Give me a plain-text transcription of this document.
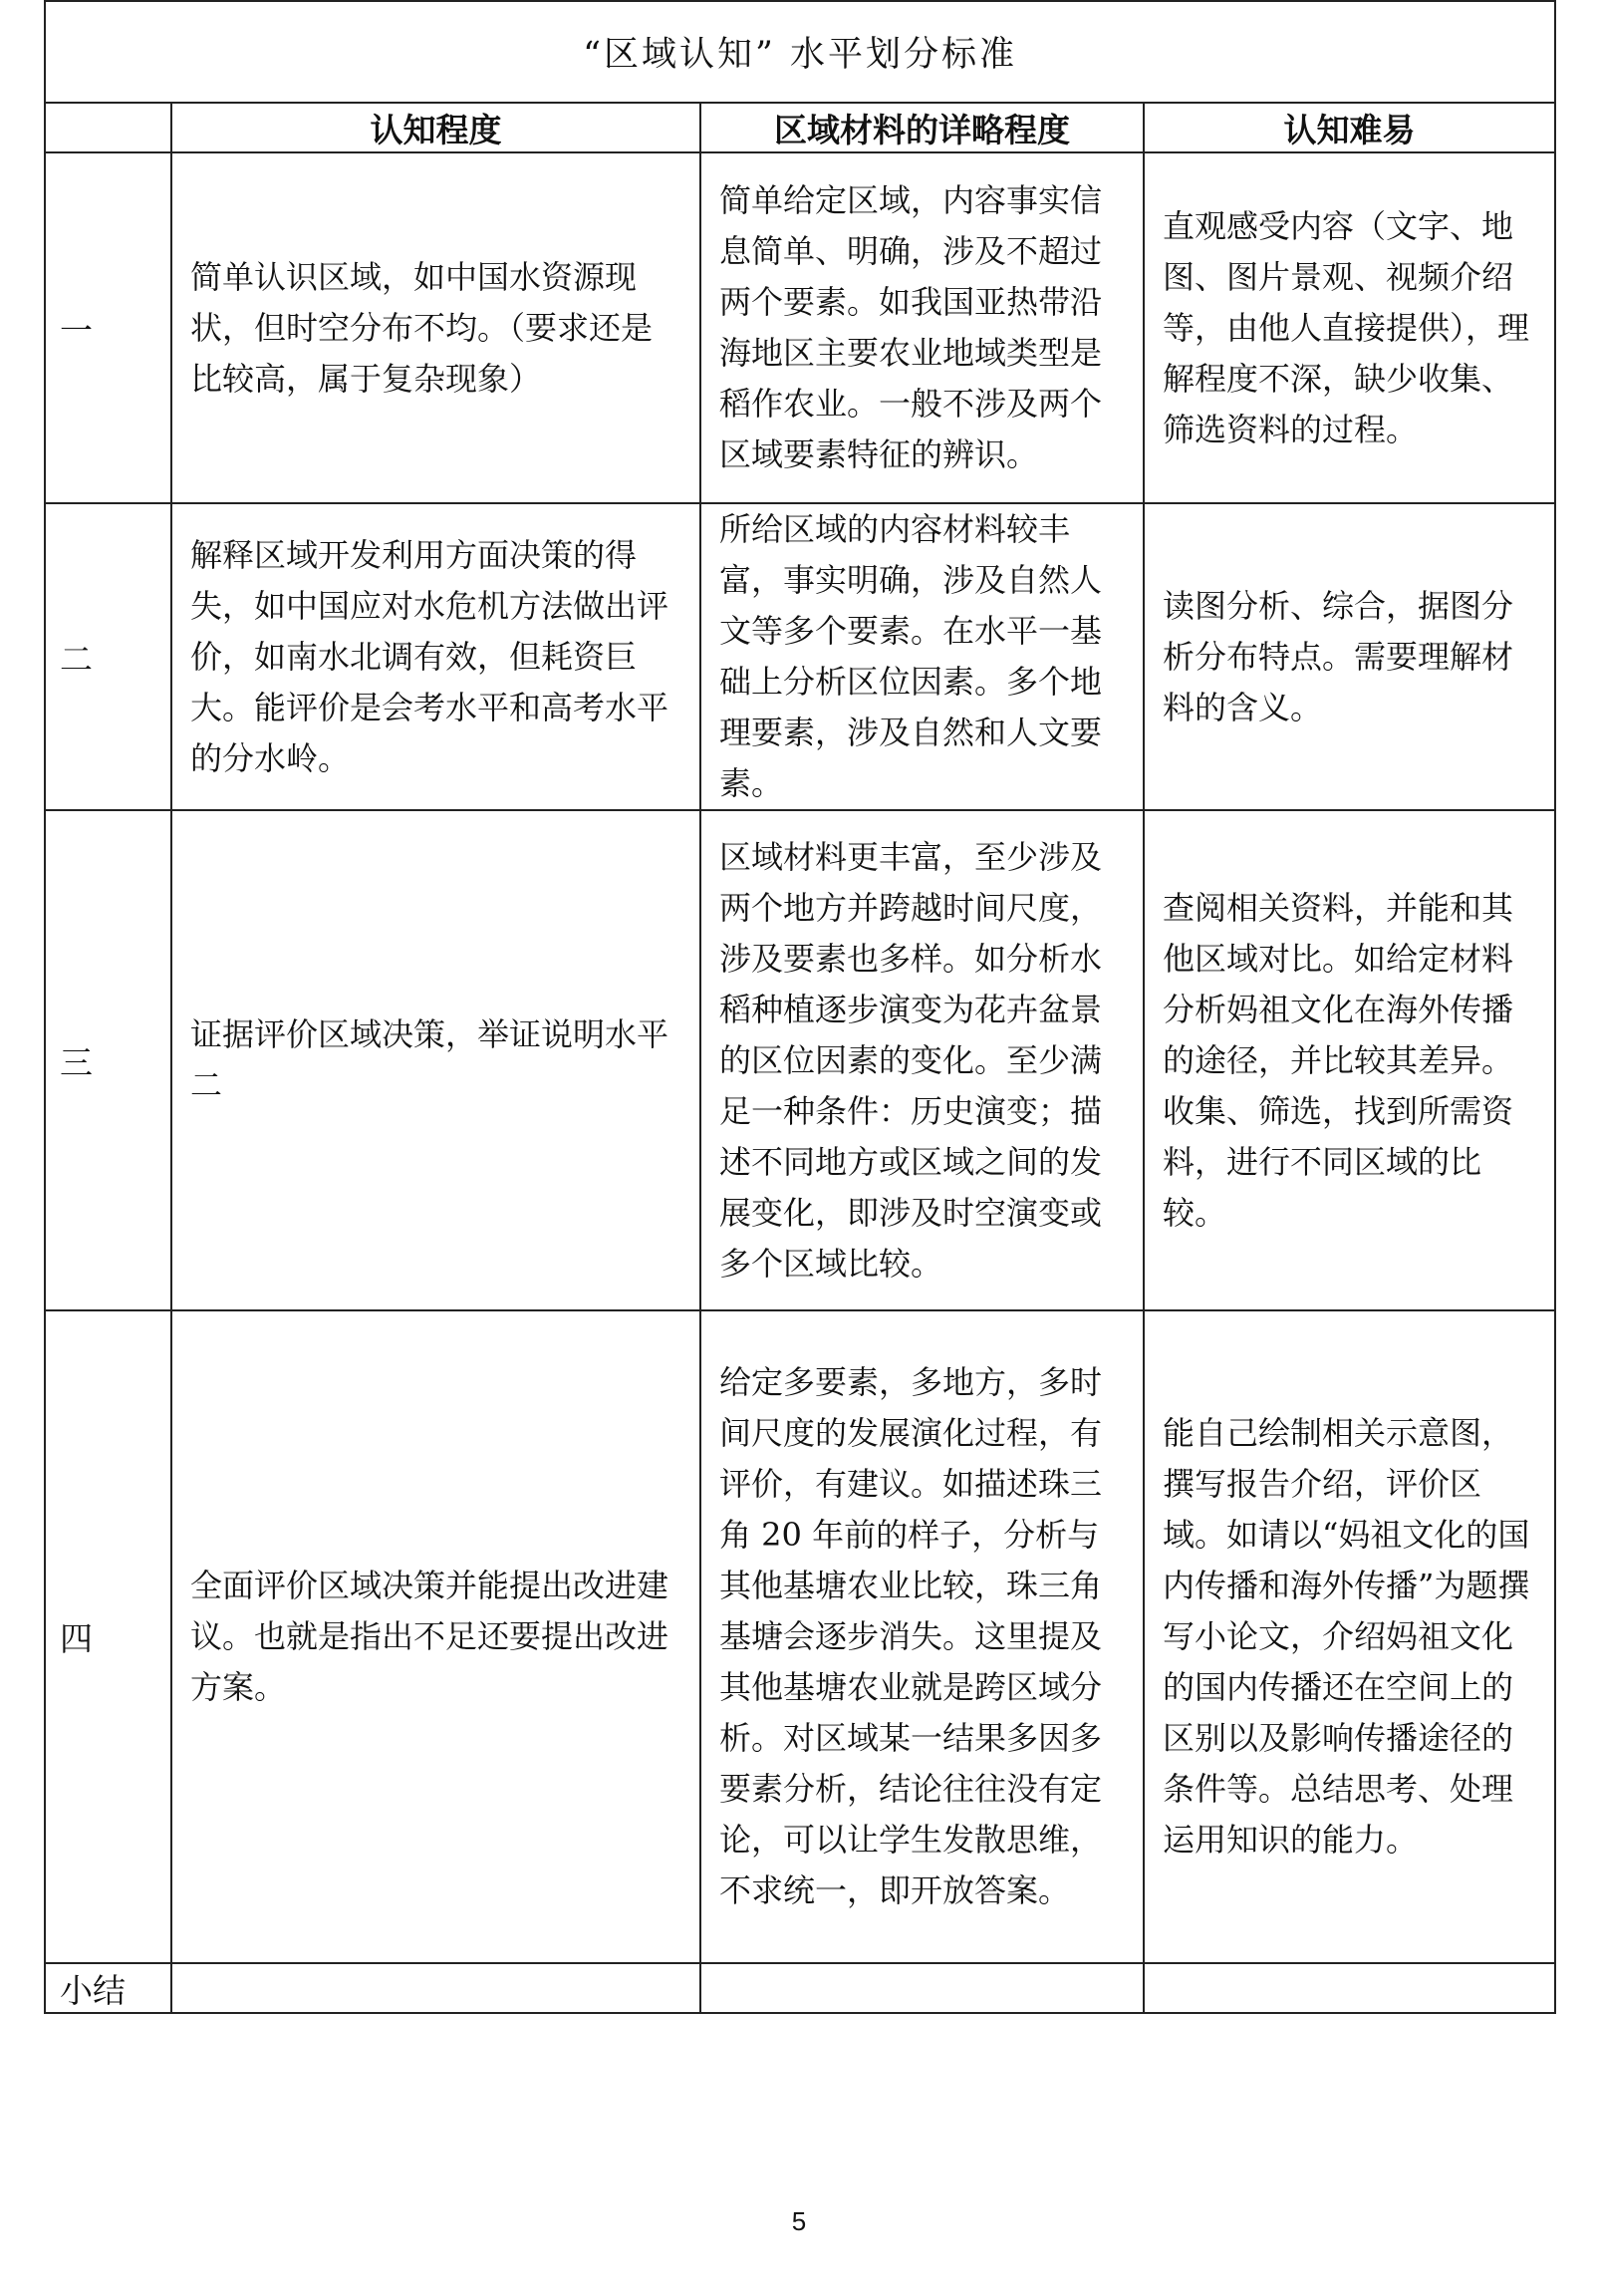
“区域认知” 水平划分标准			
	认知程度	区域材料的详略程度	认知难易
一	简单认识区域，如中国水资源现状，但时空分布不均。（要求还是比较高，属于复杂现象）	简单给定区域，内容事实信息简单、明确，涉及不超过两个要素。如我国亚热带沿海地区主要农业地域类型是稻作农业。一般不涉及两个区域要素特征的辨识。	直观感受内容（文字、地图、图片景观、视频介绍等，由他人直接提供），理解程度不深，缺少收集、筛选资料的过程。
二	解释区域开发利用方面决策的得失，如中国应对水危机方法做出评价，如南水北调有效，但耗资巨大。能评价是会考水平和高考水平的分水岭。	所给区域的内容材料较丰富，事实明确，涉及自然人文等多个要素。在水平一基础上分析区位因素。多个地理要素，涉及自然和人文要素。	读图分析、综合，据图分析分布特点。需要理解材料的含义。
三	证据评价区域决策，举证说明水平二	区域材料更丰富，至少涉及两个地方并跨越时间尺度，涉及要素也多样。如分析水稻种植逐步演变为花卉盆景的区位因素的变化。至少满足一种条件：历史演变；描述不同地方或区域之间的发展变化，即涉及时空演变或多个区域比较。	查阅相关资料，并能和其他区域对比。如给定材料分析妈祖文化在海外传播的途径，并比较其差异。收集、筛选，找到所需资料，进行不同区域的比较。
四	全面评价区域决策并能提出改进建议。也就是指出不足还要提出改进方案。	给定多要素，多地方，多时间尺度的发展演化过程，有评价，有建议。如描述珠三角 20 年前的样子，分析与其他基塘农业比较，珠三角基塘会逐步消失。这里提及其他基塘农业就是跨区域分析。对区域某一结果多因多要素分析，结论往往没有定论，可以让学生发散思维，不求统一，即开放答案。	能自己绘制相关示意图，撰写报告介绍，评价区域。如请以“妈祖文化的国内传播和海外传播”为题撰写小论文，介绍妈祖文化的国内传播还在空间上的区别以及影响传播途径的条件等。总结思考、处理运用知识的能力。
小结			
5
